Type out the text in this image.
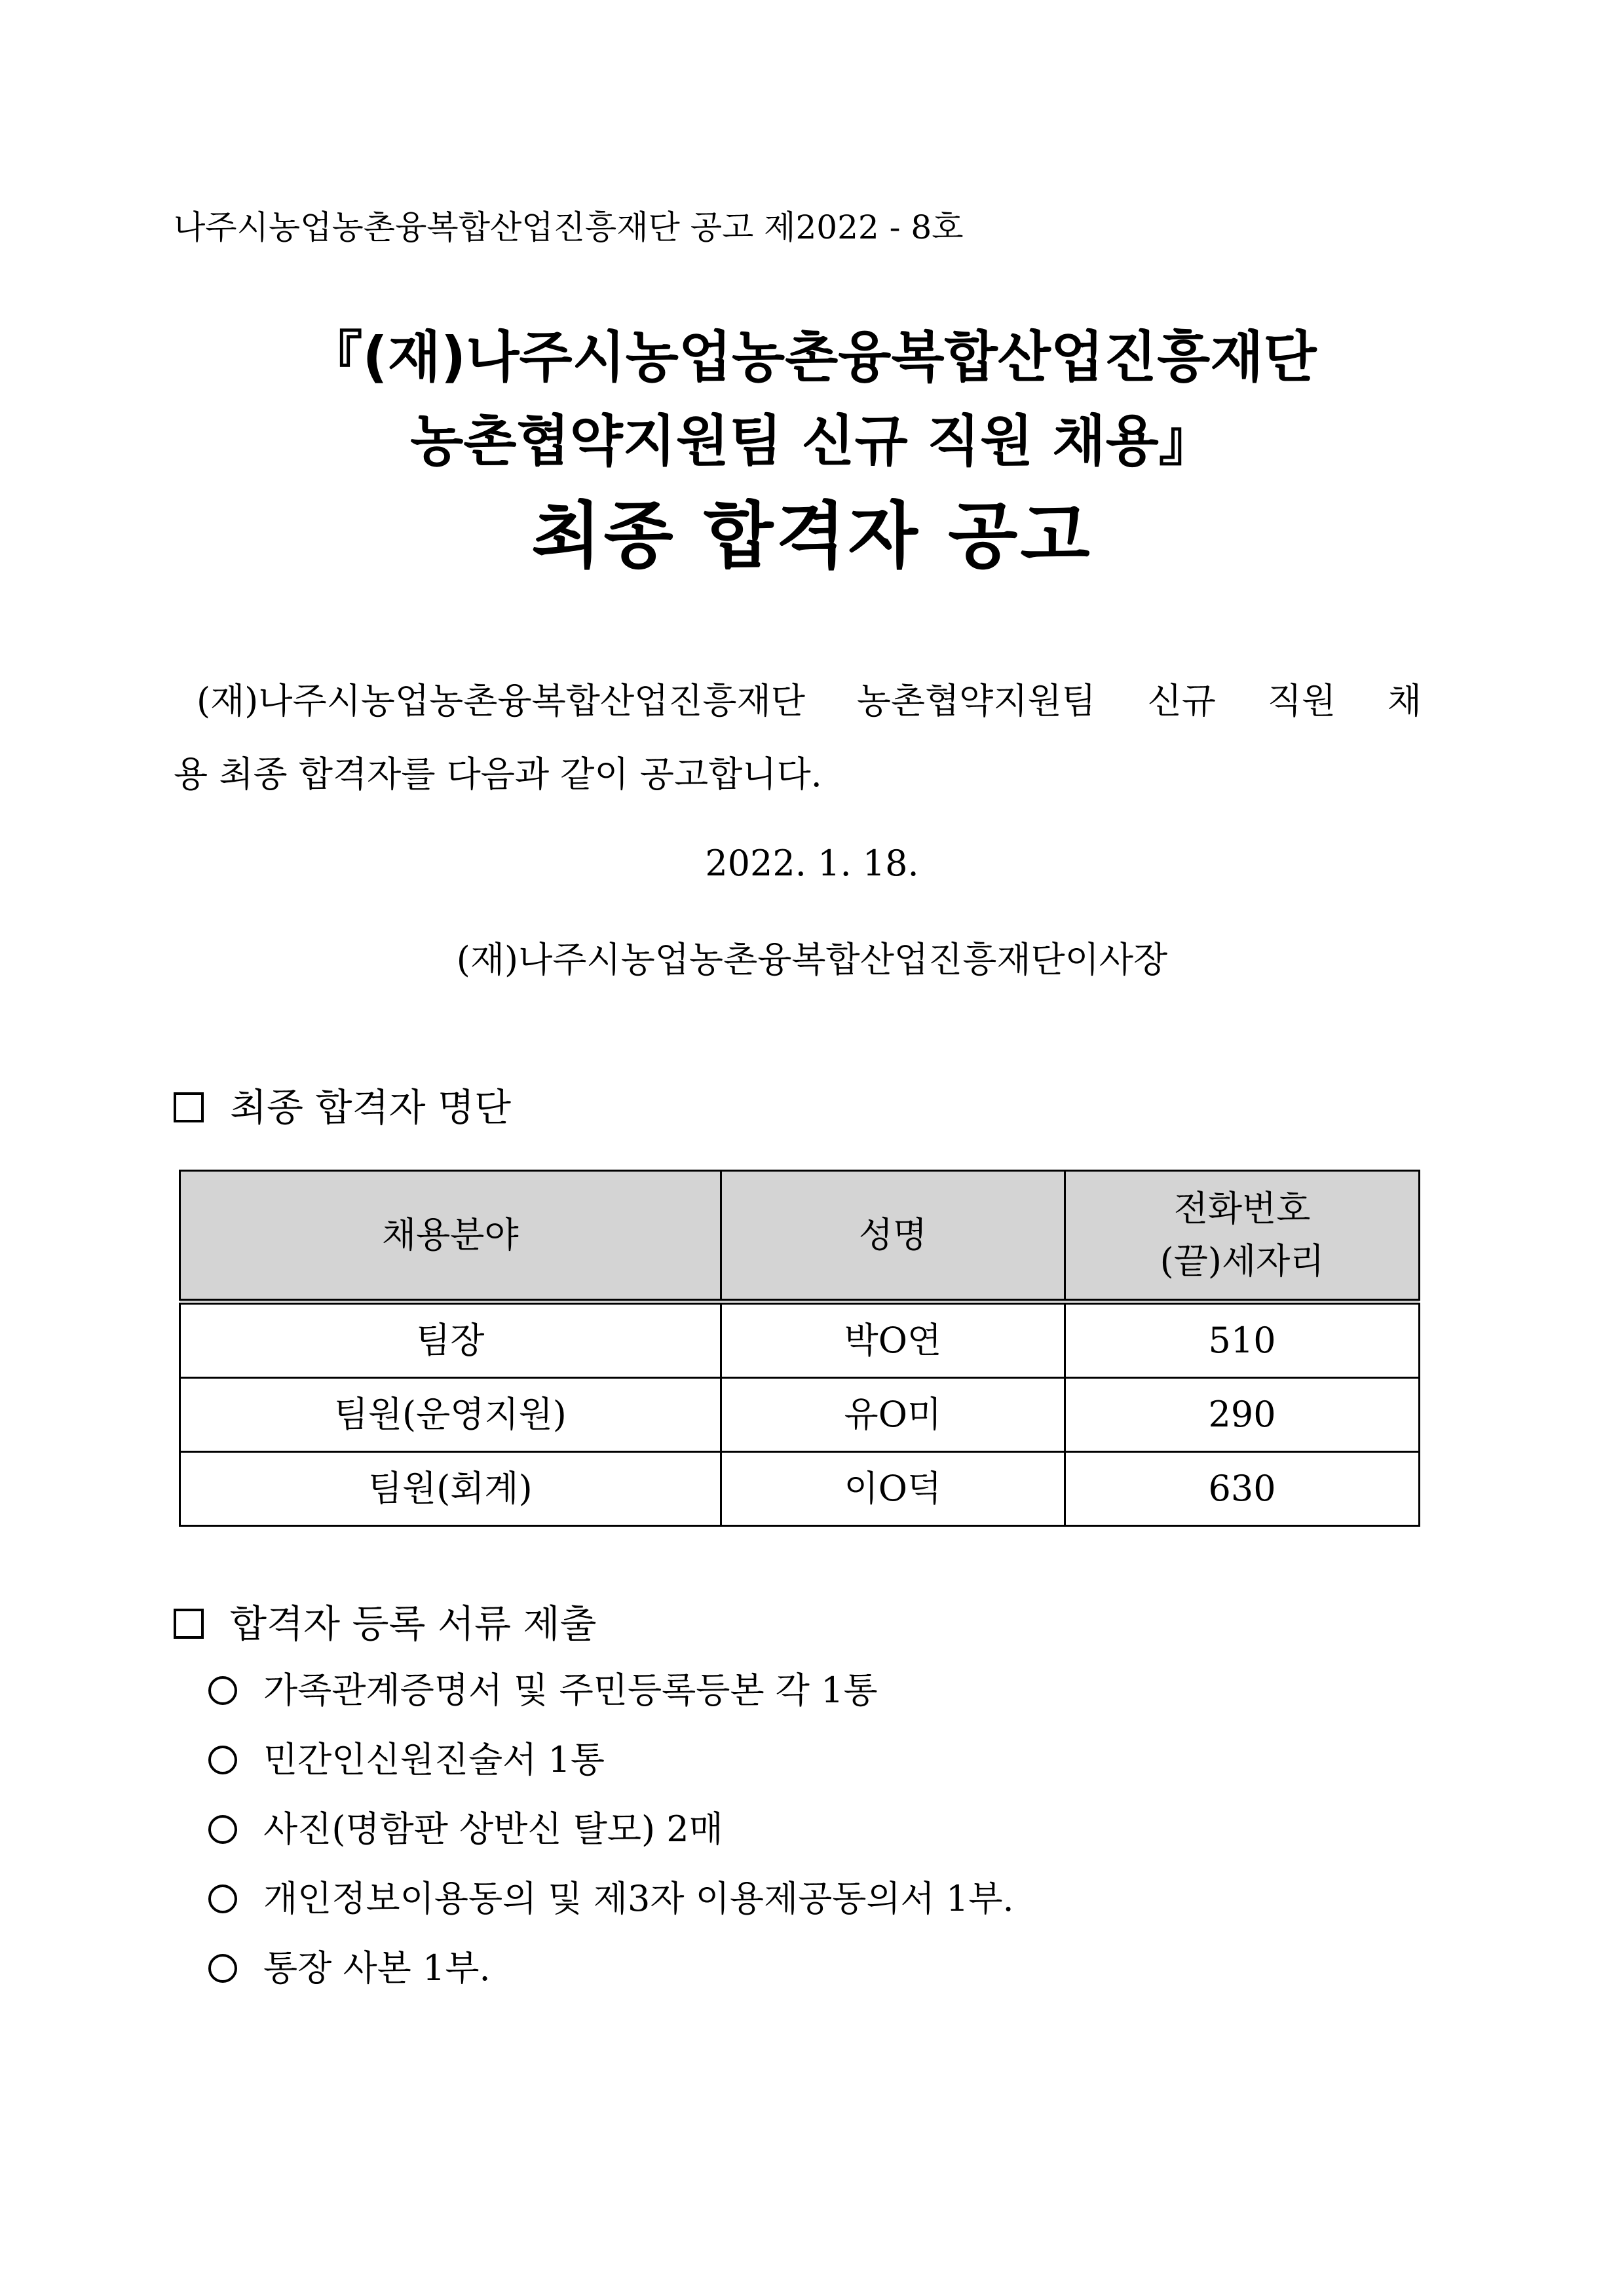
나주시농업농촌융복합산업진흥재단 공고 제2022 - 8호
『(재)나주시농업농촌융복합산업진흥재단
농촌협약지원팀 신규 직원 채용』
최종 합격자 공고
(재)나주시농업농촌융복합산업진흥재단 농촌협약지원팀 신규 직원 채
용 최종 합격자를 다음과 같이 공고합니다.
2022. 1. 18.
(재)나주시농업농촌융복합산업진흥재단이사장
최종 합격자 명단
채용분야	성명	전화번호
(끝)세자리
팀장	박O연	510
팀원(운영지원)	유O미	290
팀원(회계)	이O덕	630
합격자 등록 서류 제출
가족관계증명서 및 주민등록등본 각 1통
민간인신원진술서 1통
사진(명함판 상반신 탈모) 2매
개인정보이용동의 및 제3자 이용제공동의서 1부.
통장 사본 1부.
